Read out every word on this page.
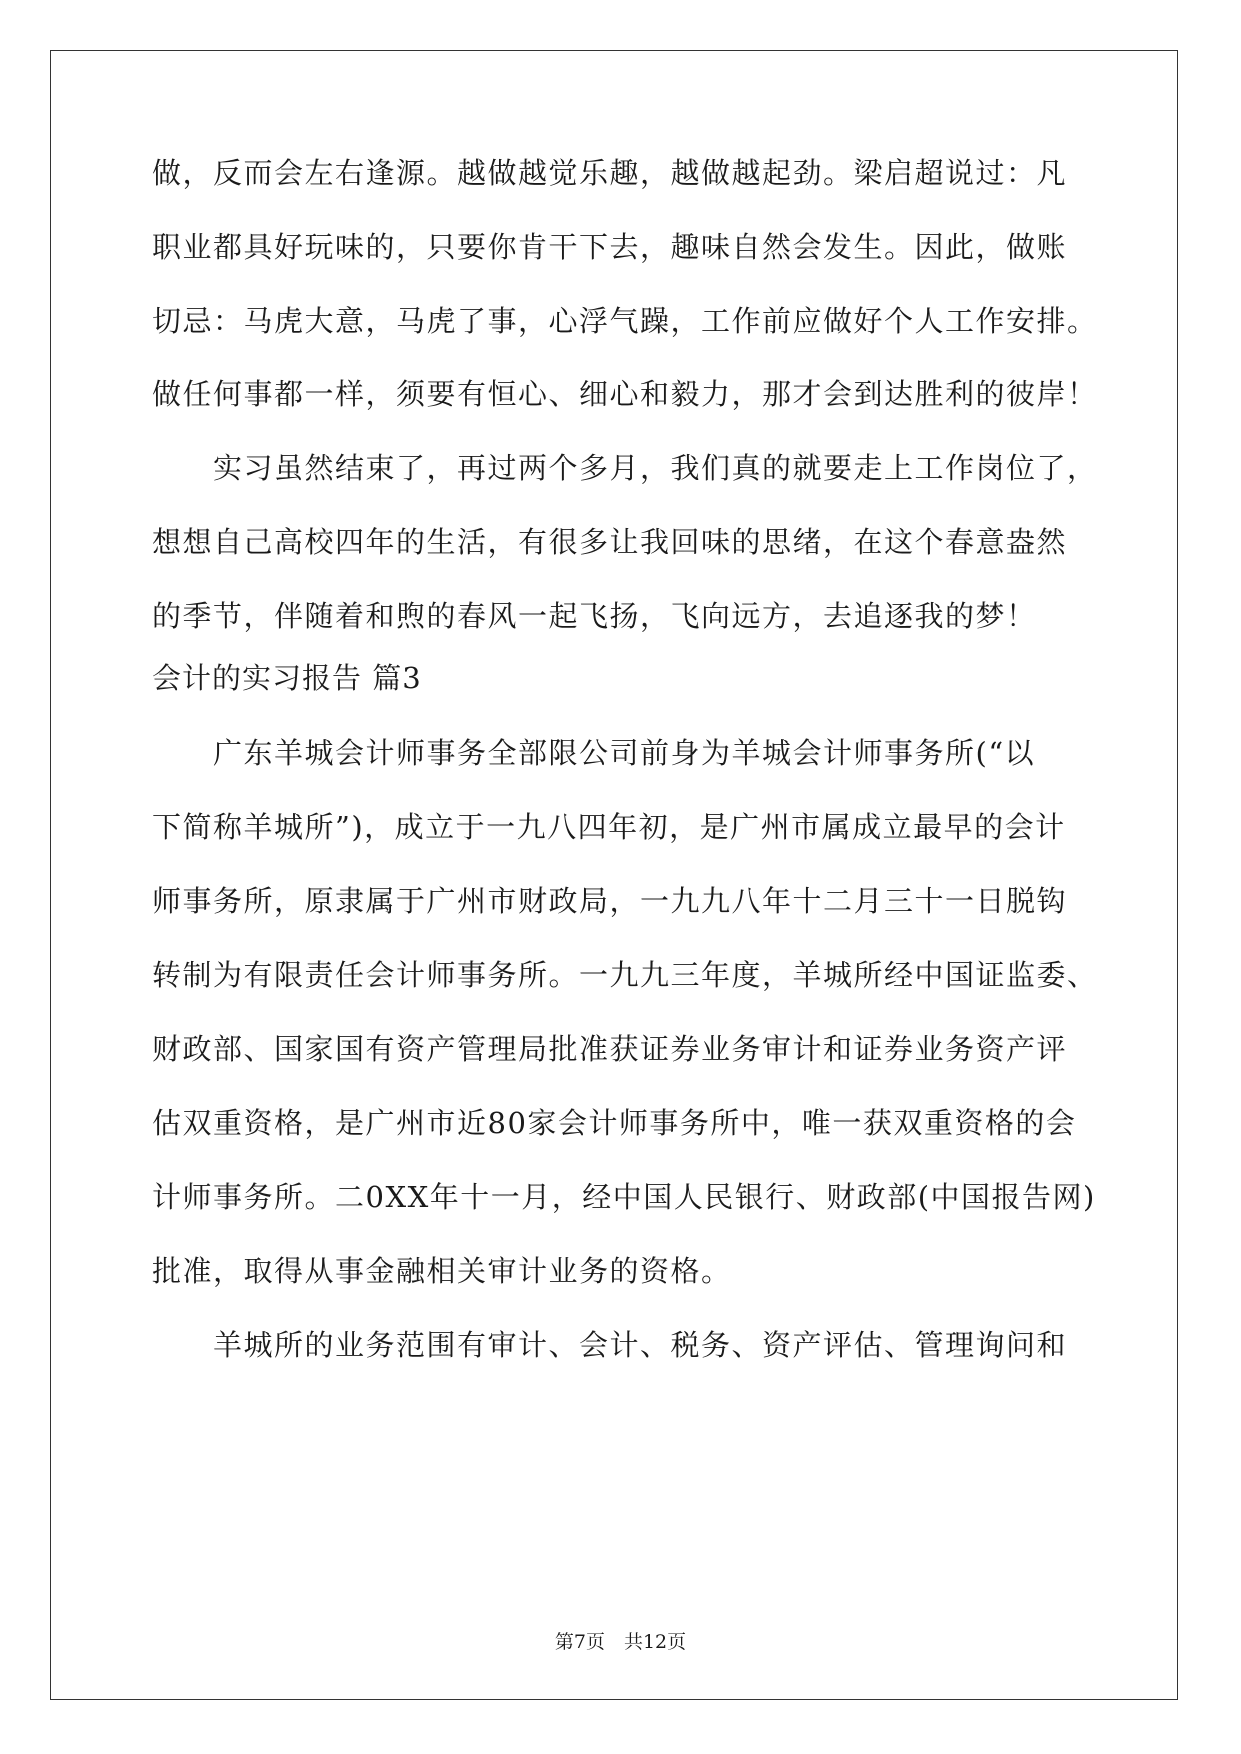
做，反而会左右逢源。越做越觉乐趣，越做越起劲。梁启超说过：凡
职业都具好玩味的，只要你肯干下去，趣味自然会发生。因此，做账
切忌：马虎大意，马虎了事，心浮气躁，工作前应做好个人工作安排。
做任何事都一样，须要有恒心、细心和毅力，那才会到达胜利的彼岸！
　　实习虽然结束了，再过两个多月，我们真的就要走上工作岗位了，
想想自己高校四年的生活，有很多让我回味的思绪，在这个春意盎然
的季节，伴随着和煦的春风一起飞扬，飞向远方，去追逐我的梦！
会计的实习报告 篇3
　　广东羊城会计师事务全部限公司前身为羊城会计师事务所(“以
下简称羊城所”)，成立于一九八四年初，是广州市属成立最早的会计
师事务所，原隶属于广州市财政局，一九九八年十二月三十一日脱钩
转制为有限责任会计师事务所。一九九三年度，羊城所经中国证监委、
财政部、国家国有资产管理局批准获证券业务审计和证券业务资产评
估双重资格，是广州市近80家会计师事务所中，唯一获双重资格的会
计师事务所。二0XX年十一月，经中国人民银行、财政部(中国报告网)
批准，取得从事金融相关审计业务的资格。
　　羊城所的业务范围有审计、会计、税务、资产评估、管理询问和
第7页　共12页
